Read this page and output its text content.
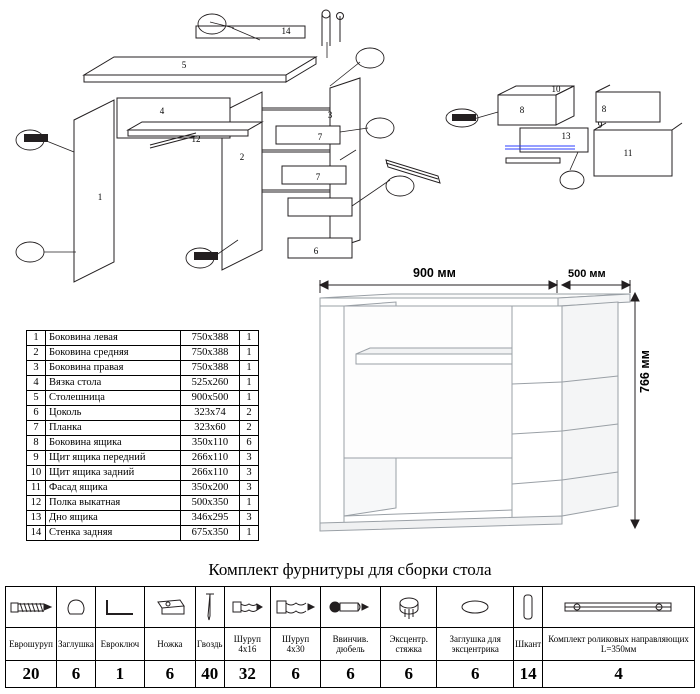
1
2
3
4
5
6
7
7
12
14
8	8
9
10
11
13
1	Боковина левая	750x388	1
2	Боковина средняя	750x388	1
3	Боковина правая	750x388	1
4	Вязка стола	525x260	1
5	Столешница	900x500	1
6	Цоколь	323x74	2
7	Планка	323x60	2
8	Боковина ящика	350x110	6
9	Щит ящика передний	266x110	3
10	Щит ящика задний	266x110	3
11	Фасад ящика	350x200	3
12	Полка выкатная	500x350	1
13	Дно ящика	346x295	3
14	Стенка задняя	675x350	1
900 мм	500 мм
766 мм
Комплект фурнитуры для сборки стола

Еврошуруп	Заглушка	Евроключ	Ножка	Гвоздь	Шуруп 4х16	Шуруп 4х30	Ввинчив. дюбель	Эксцентр. стяжка	Заглушка для эксцентрика	Шкант	Комплект роликовых направляющих L=350мм
20	6	1	6	40	32	6	6	6	6	14	4
